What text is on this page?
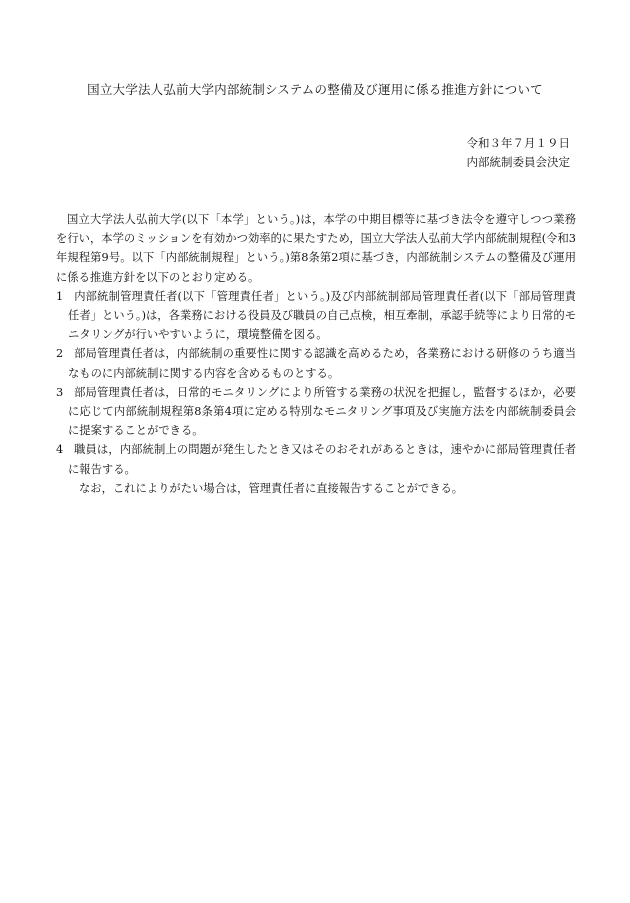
国立大学法人弘前大学内部統制システムの整備及び運用に係る推進方針について
令和３年７月１９日
内部統制委員会決定

国立大学法人弘前大学(以下「本学」という。)は，本学の中期目標等に基づき法令を遵守しつつ業務を行い，本学のミッションを有効かつ効率的に果たすため，国立大学法人弘前大学内部統制規程(令和3年規程第9号。以下「内部統制規程」という。)第8条第2項に基づき，内部統制システムの整備及び運用に係る推進方針を以下のとおり定める。

1 内部統制管理責任者(以下「管理責任者」という。)及び内部統制部局管理責任者(以下「部局管理責任者」という。)は，各業務における役員及び職員の自己点検，相互牽制，承認手続等により日常的モニタリングが行いやすいように，環境整備を図る。

2 部局管理責任者は，内部統制の重要性に関する認識を高めるため，各業務における研修のうち適当なものに内部統制に関する内容を含めるものとする。

3 部局管理責任者は，日常的モニタリングにより所管する業務の状況を把握し，監督するほか，必要に応じて内部統制規程第8条第4項に定める特別なモニタリング事項及び実施方法を内部統制委員会に提案することができる。

4 職員は，内部統制上の問題が発生したとき又はそのおそれがあるときは，速やかに部局管理責任者に報告する。

なお，これによりがたい場合は，管理責任者に直接報告することができる。
